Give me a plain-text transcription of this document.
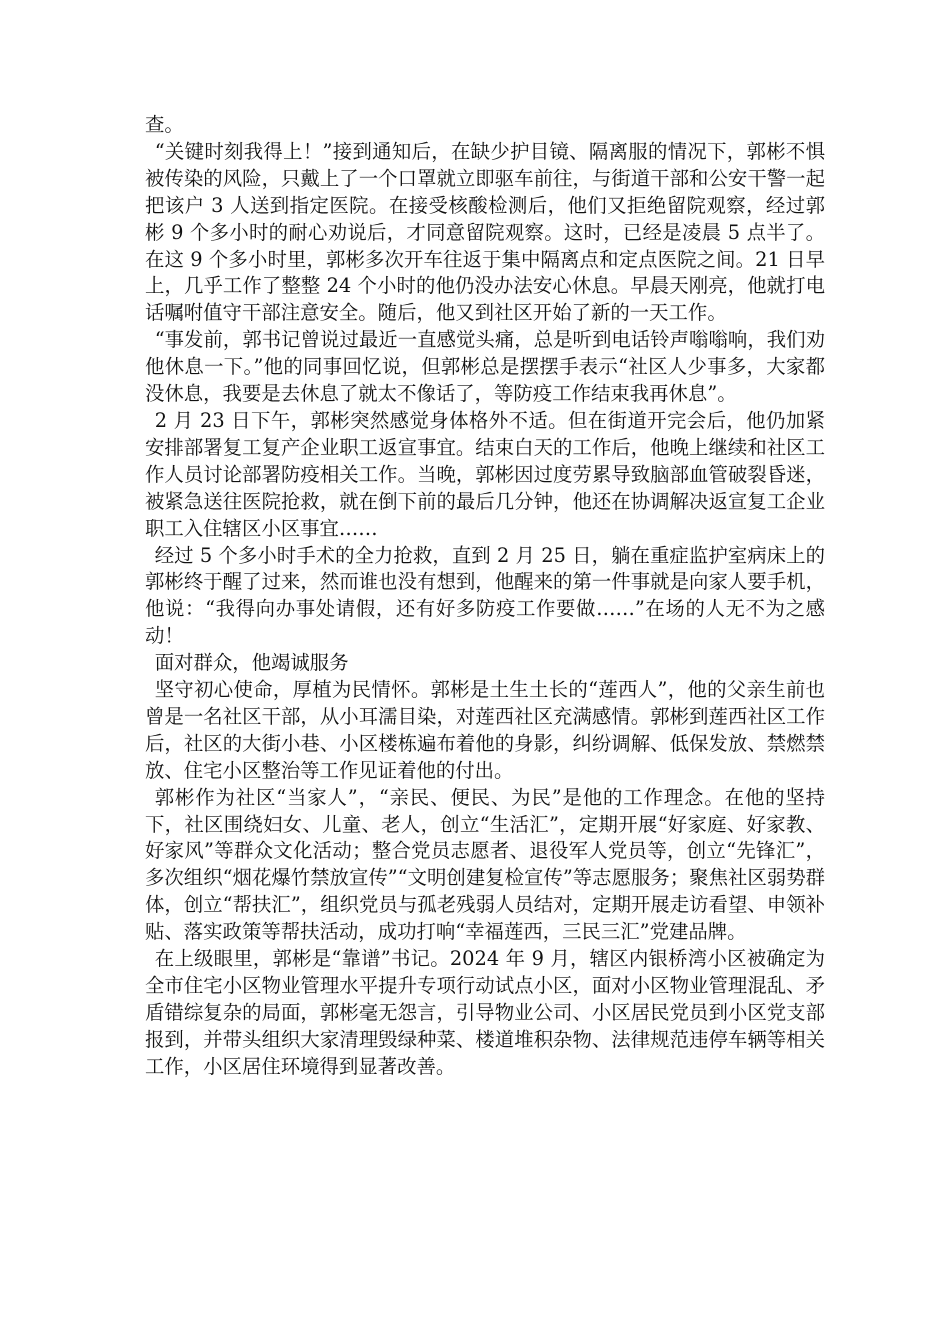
查。

“关键时刻我得上！”接到通知后，在缺少护目镜、隔离服的情况下，郭彬不惧被传染的风险，只戴上了一个口罩就立即驱车前往，与街道干部和公安干警一起把该户 3 人送到指定医院。在接受核酸检测后，他们又拒绝留院观察，经过郭彬 9 个多小时的耐心劝说后，才同意留院观察。这时，已经是凌晨 5 点半了。在这 9 个多小时里，郭彬多次开车往返于集中隔离点和定点医院之间。21 日早上，几乎工作了整整 24 个小时的他仍没办法安心休息。早晨天刚亮，他就打电话嘱咐值守干部注意安全。随后，他又到社区开始了新的一天工作。

“事发前，郭书记曾说过最近一直感觉头痛，总是听到电话铃声嗡嗡响，我们劝他休息一下。”他的同事回忆说，但郭彬总是摆摆手表示“社区人少事多，大家都没休息，我要是去休息了就太不像话了，等防疫工作结束我再休息”。

2 月 23 日下午，郭彬突然感觉身体格外不适。但在街道开完会后，他仍加紧安排部署复工复产企业职工返宣事宜。结束白天的工作后，他晚上继续和社区工作人员讨论部署防疫相关工作。当晚，郭彬因过度劳累导致脑部血管破裂昏迷，被紧急送往医院抢救，就在倒下前的最后几分钟，他还在协调解决返宣复工企业职工入住辖区小区事宜……

经过 5 个多小时手术的全力抢救，直到 2 月 25 日，躺在重症监护室病床上的郭彬终于醒了过来，然而谁也没有想到，他醒来的第一件事就是向家人要手机，他说：“我得向办事处请假，还有好多防疫工作要做……”在场的人无不为之感动！

面对群众，他竭诚服务

坚守初心使命，厚植为民情怀。郭彬是土生土长的“莲西人”，他的父亲生前也曾是一名社区干部，从小耳濡目染，对莲西社区充满感情。郭彬到莲西社区工作后，社区的大街小巷、小区楼栋遍布着他的身影，纠纷调解、低保发放、禁燃禁放、住宅小区整治等工作见证着他的付出。

郭彬作为社区“当家人”，“亲民、便民、为民”是他的工作理念。在他的坚持下，社区围绕妇女、儿童、老人，创立“生活汇”，定期开展“好家庭、好家教、好家风”等群众文化活动；整合党员志愿者、退役军人党员等，创立“先锋汇”，多次组织“烟花爆竹禁放宣传”“文明创建复检宣传”等志愿服务；聚焦社区弱势群体，创立“帮扶汇”，组织党员与孤老残弱人员结对，定期开展走访看望、申领补贴、落实政策等帮扶活动，成功打响“幸福莲西，三民三汇”党建品牌。

在上级眼里，郭彬是“靠谱”书记。2024 年 9 月，辖区内银桥湾小区被确定为全市住宅小区物业管理水平提升专项行动试点小区，面对小区物业管理混乱、矛盾错综复杂的局面，郭彬毫无怨言，引导物业公司、小区居民党员到小区党支部报到，并带头组织大家清理毁绿种菜、楼道堆积杂物、法律规范违停车辆等相关工作，小区居住环境得到显著改善。
